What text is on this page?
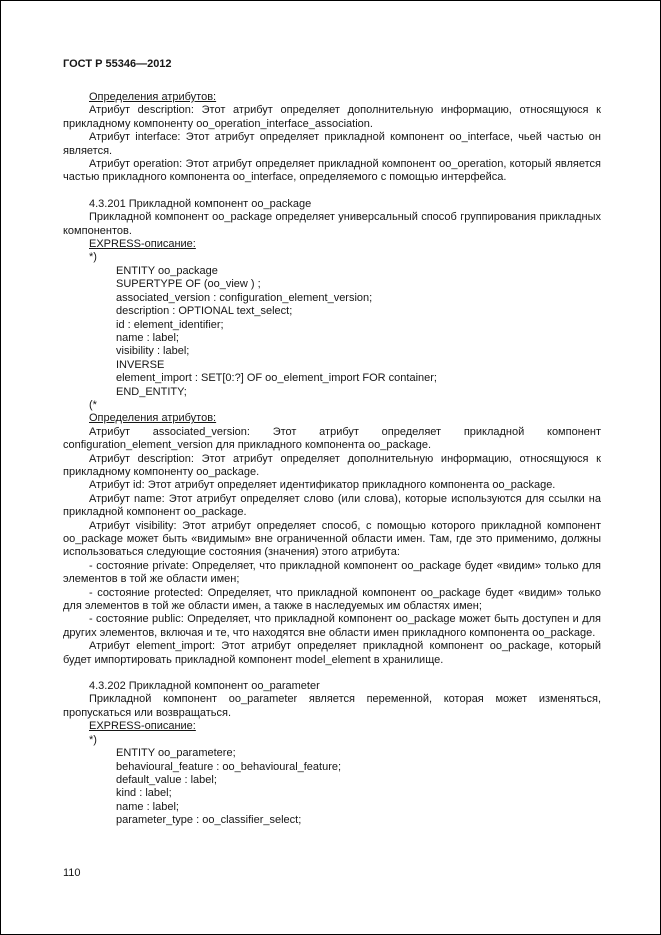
ГОСТ Р 55346—2012

Определения атрибутов:

Атрибут description: Этот атрибут определяет дополнительную информацию, относящуюся к прикладному компоненту oo_operation_interface_association.

Атрибут interface: Этот атрибут определяет прикладной компонент oo_interface, чьей частью он является.

Атрибут operation: Этот атрибут определяет прикладной компонент oo_operation, который является частью прикладного компонента oo_interface, определяемого с помощью интерфейса.

4.3.201 Прикладной компонент oo_package

Прикладной компонент oo_package определяет универсальный способ группирования прикладных компонентов.

EXPRESS-описание:

*)

ENTITY oo_package

SUPERTYPE OF (oo_view ) ;

associated_version : configuration_element_version;

description : OPTIONAL text_select;

id : element_identifier;

name : label;

visibility : label;

INVERSE

element_import : SET[0:?] OF oo_element_import FOR container;

END_ENTITY;

(*

Определения атрибутов:

Атрибут associated_version: Этот атрибут определяет прикладной компонент configuration_element_version для прикладного компонента oo_package.

Атрибут description: Этот атрибут определяет дополнительную информацию, относящуюся к прикладному компоненту oo_package.

Атрибут id: Этот атрибут определяет идентификатор прикладного компонента oo_package.

Атрибут name: Этот атрибут определяет слово (или слова), которые используются для ссылки на прикладной компонент oo_package.

Атрибут visibility: Этот атрибут определяет способ, с помощью которого прикладной компонент oo_package может быть «видимым» вне ограниченной области имен. Там, где это применимо, должны использоваться следующие состояния (значения) этого атрибута:

- состояние private: Определяет, что прикладной компонент oo_package будет «видим» только для элементов в той же области имен;

- состояние protected: Определяет, что прикладной компонент oo_package будет «видим» только для элементов в той же области имен, а также в наследуемых им областях имен;

- состояние public: Определяет, что прикладной компонент oo_package может быть доступен и для других элементов, включая и те, что находятся вне области имен прикладного компонента oo_package.

Атрибут element_import: Этот атрибут определяет прикладной компонент oo_package, который будет импортировать прикладной компонент model_element в хранилище.

4.3.202 Прикладной компонент oo_parameter

Прикладной компонент oo_parameter является переменной, которая может изменяться, пропускаться или возвращаться.

EXPRESS-описание:

*)

ENTITY oo_parametere;

behavioural_feature : oo_behavioural_feature;

default_value : label;

kind : label;

name : label;

parameter_type : oo_classifier_select;

110
